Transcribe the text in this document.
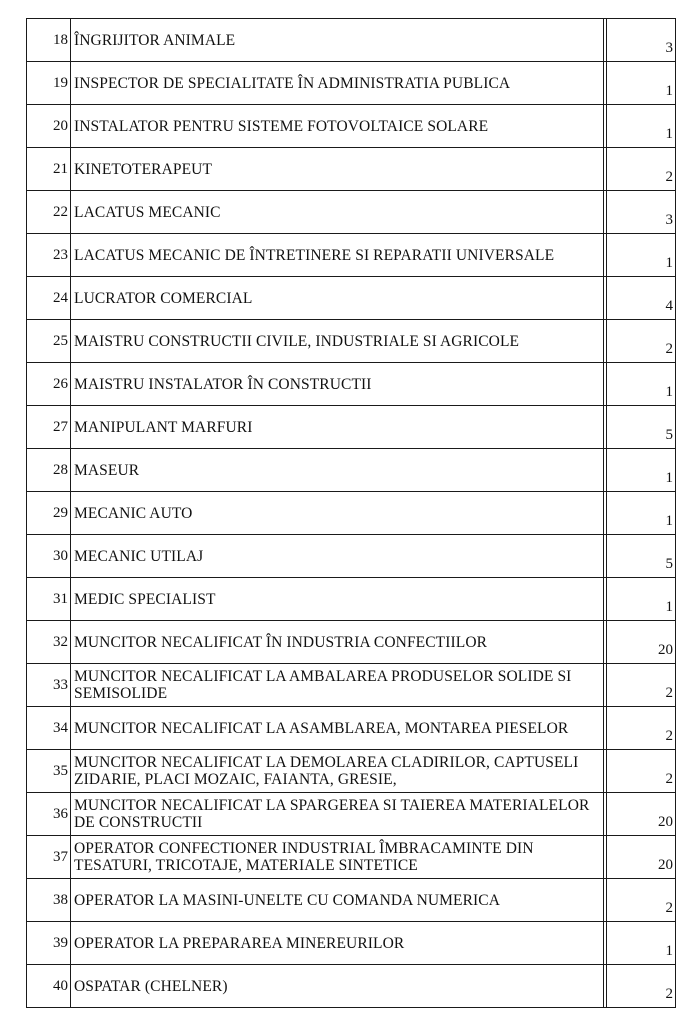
18	ÎNGRIJITOR ANIMALE		3
19	INSPECTOR DE SPECIALITATE ÎN ADMINISTRATIA PUBLICA		1
20	INSTALATOR PENTRU SISTEME FOTOVOLTAICE SOLARE		1
21	KINETOTERAPEUT		2
22	LACATUS MECANIC		3
23	LACATUS MECANIC DE ÎNTRETINERE SI REPARATII UNIVERSALE		1
24	LUCRATOR COMERCIAL		4
25	MAISTRU CONSTRUCTII CIVILE, INDUSTRIALE SI AGRICOLE		2
26	MAISTRU INSTALATOR ÎN CONSTRUCTII		1
27	MANIPULANT MARFURI		5
28	MASEUR		1
29	MECANIC AUTO		1
30	MECANIC UTILAJ		5
31	MEDIC SPECIALIST		1
32	MUNCITOR NECALIFICAT ÎN INDUSTRIA CONFECTIILOR		20
33	MUNCITOR NECALIFICAT LA AMBALAREA PRODUSELOR SOLIDE SI SEMISOLIDE		2
34	MUNCITOR NECALIFICAT LA ASAMBLAREA, MONTAREA PIESELOR		2
35	MUNCITOR NECALIFICAT LA DEMOLAREA CLADIRILOR, CAPTUSELI ZIDARIE, PLACI MOZAIC, FAIANTA, GRESIE,		2
36	MUNCITOR NECALIFICAT LA SPARGEREA SI TAIEREA MATERIALELOR DE CONSTRUCTII		20
37	OPERATOR CONFECTIONER INDUSTRIAL ÎMBRACAMINTE DIN TESATURI, TRICOTAJE, MATERIALE SINTETICE		20
38	OPERATOR LA MASINI-UNELTE CU COMANDA NUMERICA		2
39	OPERATOR LA PREPARAREA MINEREURILOR		1
40	OSPATAR (CHELNER)		2
